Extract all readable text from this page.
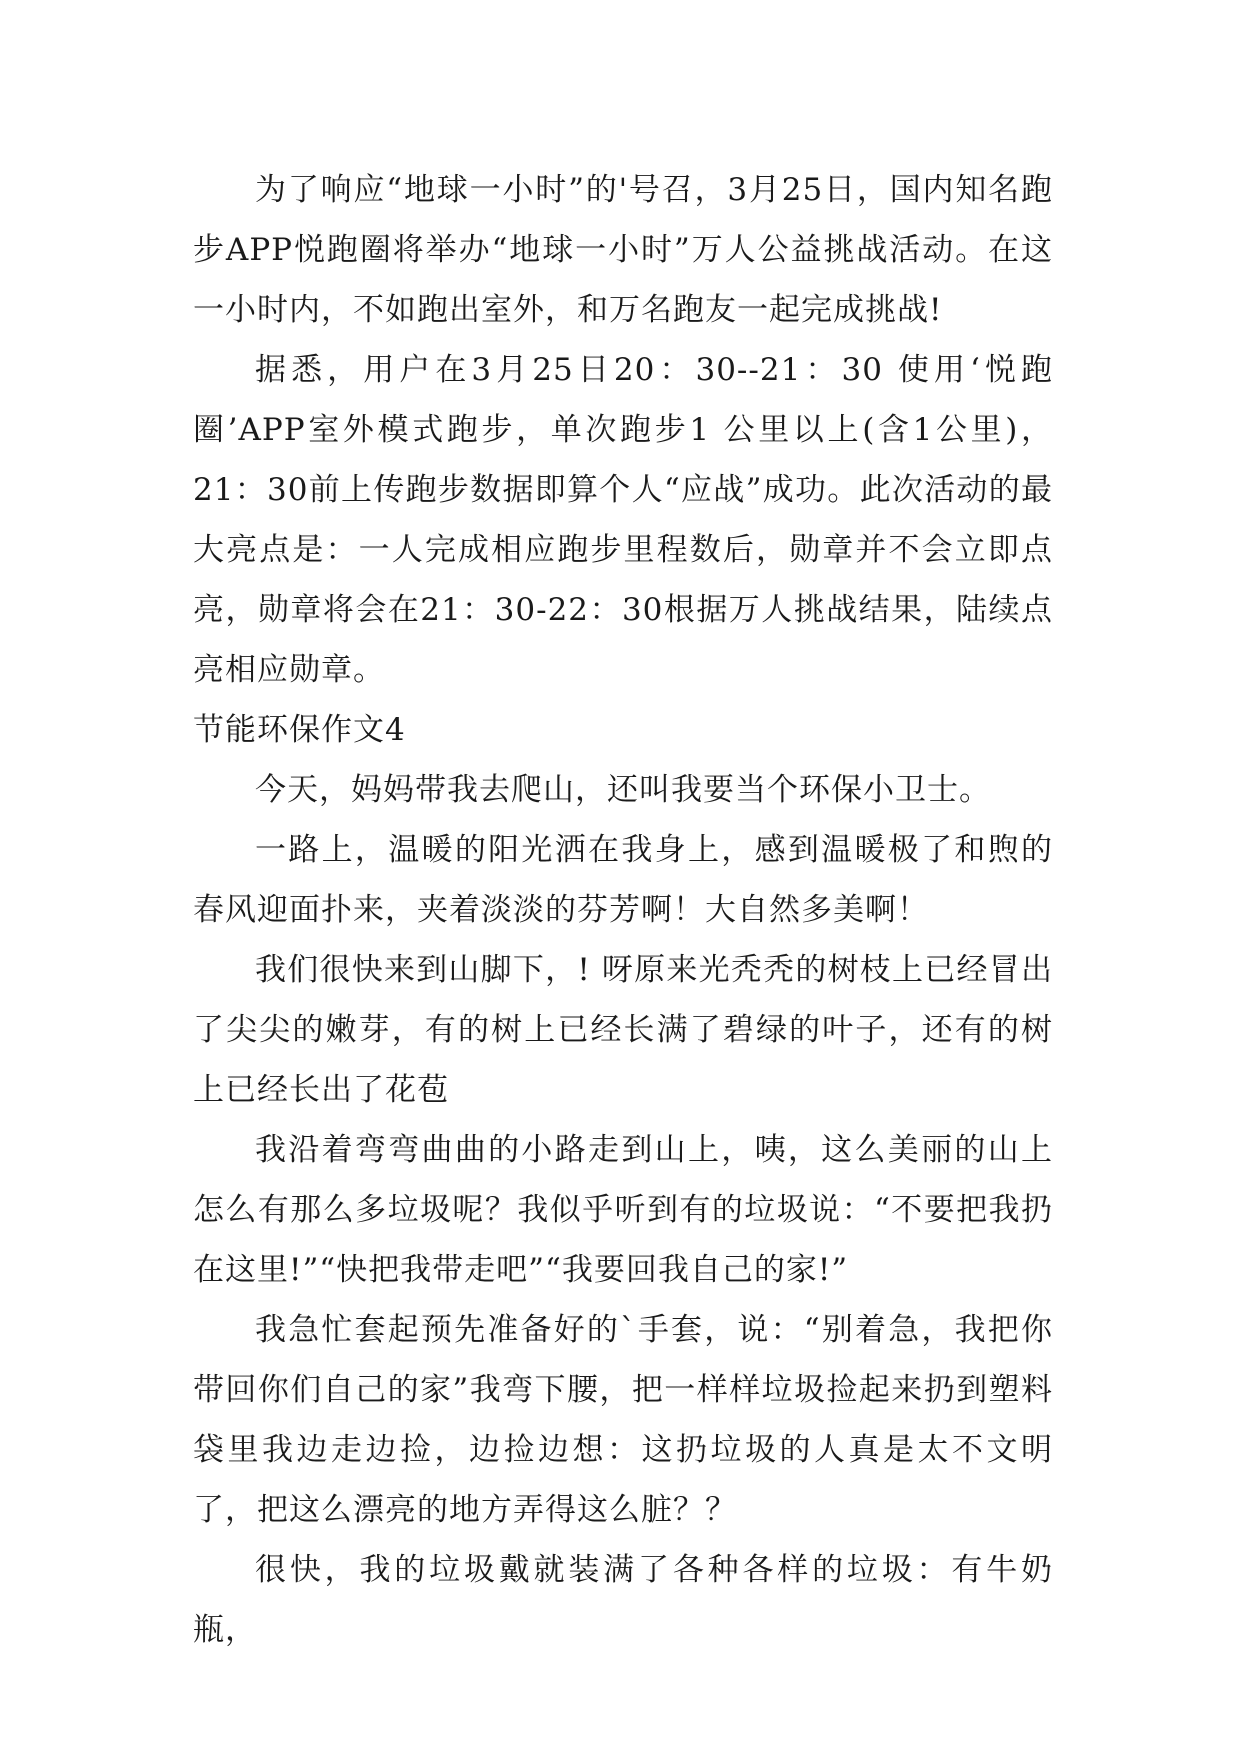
为了响应“地球一小时”的'号召，3月25日，国内知名跑步APP悦跑圈将举办“地球一小时”万人公益挑战活动。在这一小时内，不如跑出室外，和万名跑友一起完成挑战!

据悉，用户在3月25日20：30--21：30 使用‘悦跑圈’APP室外模式跑步，单次跑步1 公里以上(含1公里)，21：30前上传跑步数据即算个人“应战”成功。此次活动的最大亮点是：一人完成相应跑步里程数后，勋章并不会立即点亮，勋章将会在21：30-22：30根据万人挑战结果，陆续点亮相应勋章。

节能环保作文4

今天，妈妈带我去爬山，还叫我要当个环保小卫士。

一路上，温暖的阳光洒在我身上，感到温暖极了和煦的春风迎面扑来，夹着淡淡的芬芳啊！大自然多美啊！

我们很快来到山脚下，! 呀原来光秃秃的树枝上已经冒出了尖尖的嫩芽，有的树上已经长满了碧绿的叶子，还有的树上已经长出了花苞

我沿着弯弯曲曲的小路走到山上，咦，这么美丽的山上怎么有那么多垃圾呢？我似乎听到有的垃圾说：“不要把我扔在这里!”“快把我带走吧”“我要回我自己的家!”

我急忙套起预先准备好的`手套，说：“别着急，我把你带回你们自己的家”我弯下腰，把一样样垃圾捡起来扔到塑料袋里我边走边捡，边捡边想：这扔垃圾的人真是太不文明了，把这么漂亮的地方弄得这么脏？？

很快，我的垃圾戴就装满了各种各样的垃圾：有牛奶瓶，
